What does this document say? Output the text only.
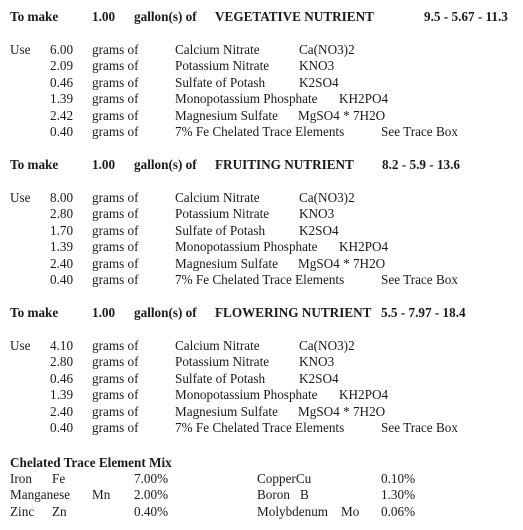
To make	1.00 gallon(s) of VEGETATIVE NUTRIENT	9.5 - 5.67 - 11.3
Use 6.00 grams of	Calcium Nitrate	Ca(NO3)2
2.09 grams of	Potassium Nitrate KNO3
0.46 grams of	Sulfate of Potash	K2SO4
1.39 grams of	Monopotassium Phosphate KH2PO4
2.42 grams of	Magnesium Sulfate MgSO4 * 7H2O
0.40 grams of	7% Fe Chelated Trace Elements	See Trace Box
To make	1.00 gallon(s) of FRUITING NUTRIENT 8.2 - 5.9 - 13.6
Use 8.00 grams of	Calcium Nitrate	Ca(NO3)2
2.80 grams of	Potassium Nitrate KNO3
1.70 grams of	Sulfate of Potash	K2SO4
1.39 grams of	Monopotassium Phosphate KH2PO4
2.40 grams of	Magnesium Sulfate MgSO4 * 7H2O
0.40 grams of	7% Fe Chelated Trace Elements	See Trace Box
To make	1.00 gallon(s) of FLOWERING NUTRIENT 5.5 - 7.97 - 18.4
Use 4.10 grams of	Calcium Nitrate	Ca(NO3)2
2.80 grams of	Potassium Nitrate KNO3
0.46 grams of	Sulfate of Potash	K2SO4
1.39 grams of	Monopotassium Phosphate KH2PO4
2.40 grams of	Magnesium Sulfate MgSO4 * 7H2O
0.40 grams of	7% Fe Chelated Trace Elements	See Trace Box
Chelated Trace Element Mix
Iron Fe	7.00%	CopperCu	0.10%
Manganese Mn 2.00%	Boron B	1.30%
Zinc Zn	0.40%	Molybdenum Mo 0.06%
